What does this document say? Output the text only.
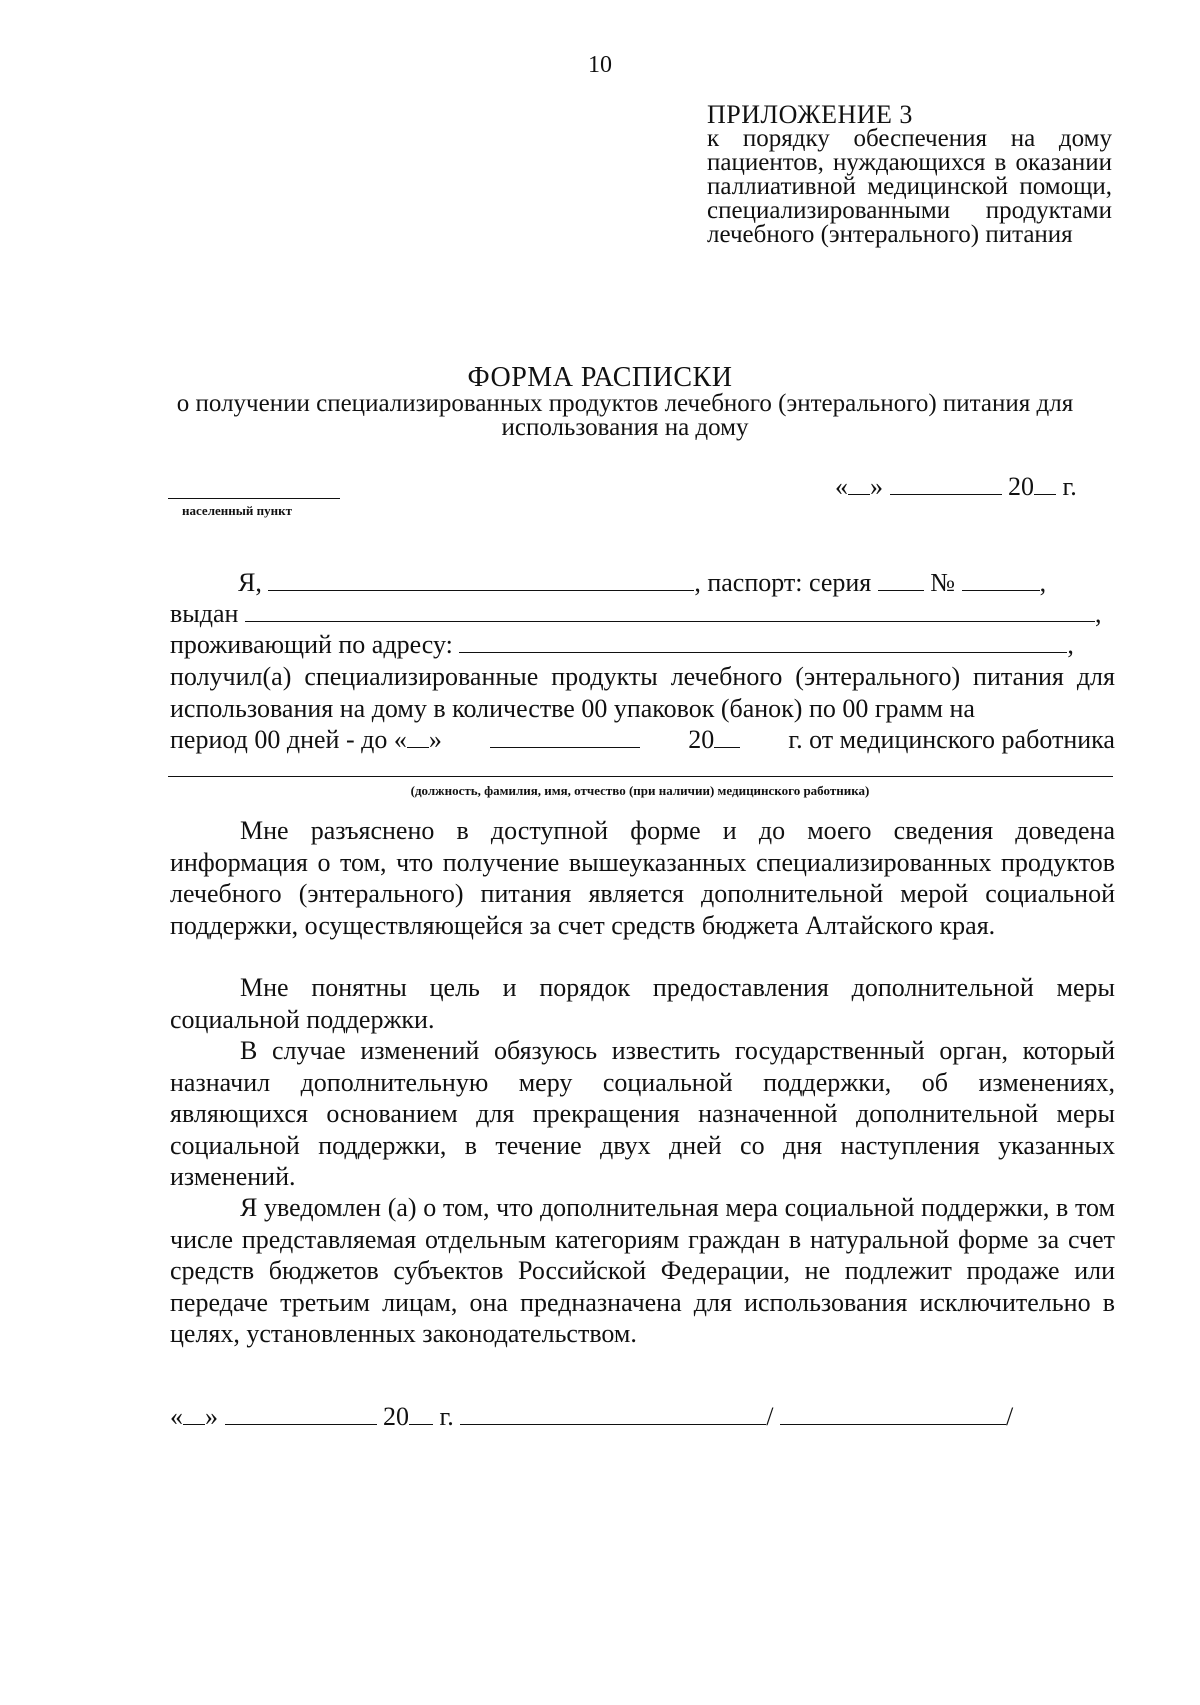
10
ПРИЛОЖЕНИЕ 3
к порядку обеспечения на дому пациентов, нуждающихся в оказании паллиативной медицинской помощи, специализированными продуктами лечебного (энтерального) питания
ФОРМА РАСПИСКИ
о получении специализированных продуктов лечебного (энтерального) питания для использования на дому
населенный пункт
« »	20 г.
Я,	, паспорт: серия №	,
выдан	,
проживающий по адресу:	,
получил(а) специализированные продукты лечебного (энтерального) питания для использования на дому в количестве 00 упаковок (банок) по 00 грамм на
период 00 дней - до « »	20	г. от медицинского работника
(должность, фамилия, имя, отчество (при наличии) медицинского работника)
Мне разъяснено в доступной форме и до моего сведения доведена информация о том, что получение вышеуказанных специализированных продуктов лечебного (энтерального) питания является дополнительной мерой социальной поддержки, осуществляющейся за счет средств бюджета Алтайского края.
Мне понятны цель и порядок предоставления дополнительной меры социальной поддержки.
В случае изменений обязуюсь известить государственный орган, который назначил дополнительную меру социальной поддержки, об изменениях, являющихся основанием для прекращения назначенной дополнительной меры социальной поддержки, в течение двух дней со дня наступления указанных изменений.
Я уведомлен (а) о том, что дополнительная мера социальной поддержки, в том числе представляемая отдельным категориям граждан в натуральной форме за счет средств бюджетов субъектов Российской Федерации, не подлежит продаже или передаче третьим лицам, она предназначена для использования исключительно в целях, установленных законодательством.
« »	20 г.	/	/
